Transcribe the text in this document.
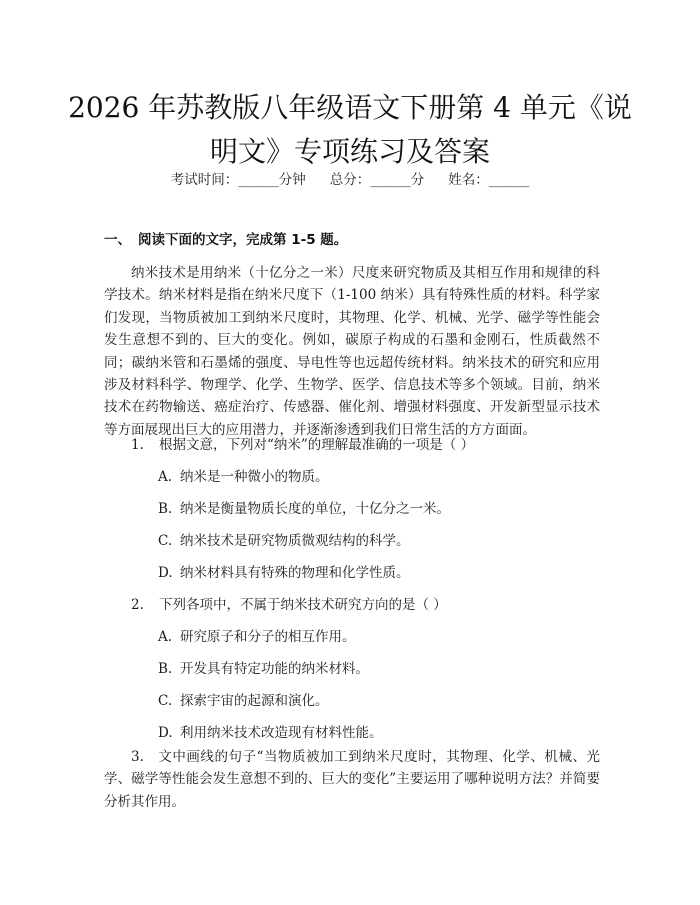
2026 年苏教版八年级语文下册第 4 单元《说明文》专项练习及答案
考试时间：______分钟 总分：______分 姓名：______
一、 阅读下面的文字，完成第 1-5 题。

纳米技术是用纳米（十亿分之一米）尺度来研究物质及其相互作用和规律的科学技术。纳米材料是指在纳米尺度下（1-100 纳米）具有特殊性质的材料。科学家们发现，当物质被加工到纳米尺度时，其物理、化学、机械、光学、磁学等性能会发生意想不到的、巨大的变化。例如，碳原子构成的石墨和金刚石，性质截然不同；碳纳米管和石墨烯的强度、导电性等也远超传统材料。纳米技术的研究和应用涉及材料科学、物理学、化学、生物学、医学、信息技术等多个领域。目前，纳米技术在药物输送、癌症治疗、传感器、催化剂、增强材料强度、开发新型显示技术等方面展现出巨大的应用潜力，并逐渐渗透到我们日常生活的方方面面。

1. 根据文意，下列对“纳米”的理解最准确的一项是（ ）
A. 纳米是一种微小的物质。
B. 纳米是衡量物质长度的单位，十亿分之一米。
C. 纳米技术是研究物质微观结构的科学。
D. 纳米材料具有特殊的物理和化学性质。
2. 下列各项中，不属于纳米技术研究方向的是（ ）
A. 研究原子和分子的相互作用。
B. 开发具有特定功能的纳米材料。
C. 探索宇宙的起源和演化。
D. 利用纳米技术改造现有材料性能。

3. 文中画线的句子“当物质被加工到纳米尺度时，其物理、化学、机械、光学、磁学等性能会发生意想不到的、巨大的变化”主要运用了哪种说明方法？并简要分析其作用。
